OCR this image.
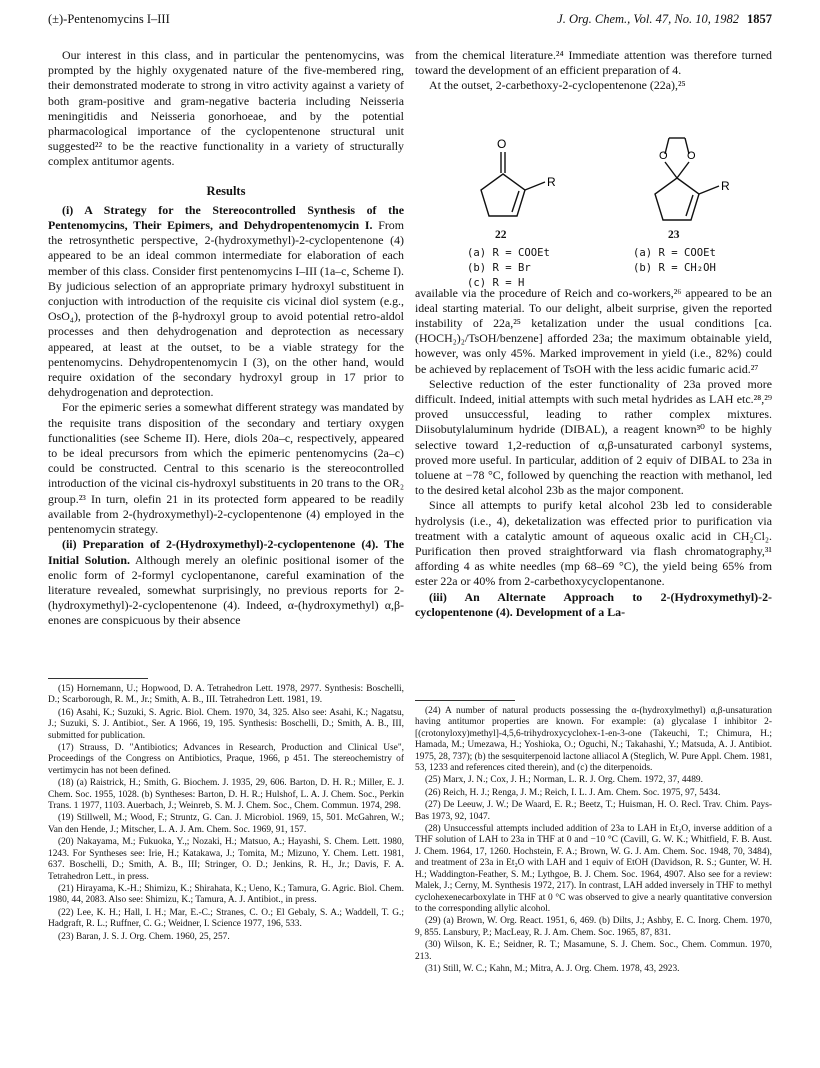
(±)-Pentenomycins I–III	J. Org. Chem., Vol. 47, No. 10, 1982 1857

Our interest in this class, and in particular the pentenomycins, was prompted by the highly oxygenated nature of the five-membered ring, their demonstrated moderate to strong in vitro activity against a variety of both gram-positive and gram-negative bacteria including Neisseria meningitidis and Neisseria gonorhoeae, and by the potential pharmacological importance of the cyclopentenone structural unit suggested²² to be the reactive functionality in a variety of structurally complex antitumor agents.

Results

(i) A Strategy for the Stereocontrolled Synthesis of the Pentenomycins, Their Epimers, and Dehydropentenomycin I. From the retrosynthetic perspective, 2-(hydroxymethyl)-2-cyclopentenone (4) appeared to be an ideal common intermediate for elaboration of each member of this class. Consider first pentenomycins I–III (1a–c, Scheme I). By judicious selection of an appropriate primary hydroxyl substituent in conjuction with introduction of the requisite cis vicinal diol system (e.g., OsO₄), protection of the β-hydroxyl group to avoid potential retro-aldol processes and then dehydrogenation and deprotection as necessary appeared, at least at the outset, to be a viable strategy for the pentenomycins. Dehydropentenomycin I (3), on the other hand, would require oxidation of the secondary hydroxyl group in 17 prior to dehydrogenation and deprotection.

For the epimeric series a somewhat different strategy was mandated by the requisite trans disposition of the secondary and tertiary oxygen functionalities (see Scheme II). Here, diols 20a–c, respectively, appeared to be ideal precursors from which the epimeric pentenomycins (2a–c) could be constructed. Central to this scenario is the stereocontrolled introduction of the vicinal cis-hydroxyl substituents in 20 trans to the OR₂ group.²³ In turn, olefin 21 in its protected form appeared to be readily available from 2-(hydroxymethyl)-2-cyclopentenone (4) employed in the pentenomycin strategy.

(ii) Preparation of 2-(Hydroxymethyl)-2-cyclopentenone (4). The Initial Solution. Although merely an olefinic positional isomer of the enolic form of 2-formyl cyclopentanone, careful examination of the literature revealed, somewhat surprisingly, no previous reports for 2-(hydroxymethyl)-2-cyclopentenone (4). Indeed, α-(hydroxymethyl) α,β-enones are conspicuous by their absence

(15) Hornemann, U.; Hopwood, D. A. Tetrahedron Lett. 1978, 2977. Synthesis: Boschelli, D.; Scarborough, R. M., Jr.; Smith, A. B., III. Tetrahedron Lett. 1981, 19.
(16) Asahi, K.; Suzuki, S. Agric. Biol. Chem. 1970, 34, 325. Also see: Asahi, K.; Nagatsu, J.; Suzuki, S. J. Antibiot., Ser. A 1966, 19, 195. Synthesis: Boschelli, D.; Smith, A. B., III, submitted for publication.
(17) Strauss, D. "Antibiotics; Advances in Research, Production and Clinical Use", Proceedings of the Congress on Antibiotics, Praque, 1966, p 451. The stereochemistry of vertimycin has not been defined.
(18) (a) Raistrick, H.; Smith, G. Biochem. J. 1935, 29, 606. Barton, D. H. R.; Miller, E. J. Chem. Soc. 1955, 1028. (b) Syntheses: Barton, D. H. R.; Hulshof, L. A. J. Chem. Soc., Perkin Trans. 1 1977, 1103. Auerbach, J.; Weinreb, S. M. J. Chem. Soc., Chem. Commun. 1974, 298.
(19) Stillwell, M.; Wood, F.; Struntz, G. Can. J. Microbiol. 1969, 15, 501. McGahren, W.; Van den Hende, J.; Mitscher, L. A. J. Am. Chem. Soc. 1969, 91, 157.
(20) Nakayama, M.; Fukuoka, Y.,; Nozaki, H.; Matsuo, A.; Hayashi, S. Chem. Lett. 1980, 1243. For Syntheses see: Irie, H.; Katakawa, J.; Tomita, M.; Mizuno, Y. Chem. Lett. 1981, 637. Boschelli, D.; Smith, A. B., III; Stringer, O. D.; Jenkins, R. H., Jr.; Davis, F. A. Tetrahedron Lett., in press.
(21) Hirayama, K.-H.; Shimizu, K.; Shirahata, K.; Ueno, K.; Tamura, G. Agric. Biol. Chem. 1980, 44, 2083. Also see: Shimizu, K.; Tamura, A. J. Antibiot., in press.
(22) Lee, K. H.; Hall, I. H.; Mar, E.-C.; Stranes, C. O.; El Gebaly, S. A.; Waddell, T. G.; Hadgraft, R. L.; Ruffner, C. G.; Weidner, I. Science 1977, 196, 533.
(23) Baran, J. S. J. Org. Chem. 1960, 25, 257.

from the chemical literature.²⁴ Immediate attention was therefore turned toward the development of an efficient preparation of 4.

At the outset, 2-carbethoxy-2-cyclopentenone (22a),²⁵

O
R
O O
R
22	23
(a) R = COOEt
(b) R = Br
(c) R = H
(a) R = COOEt
(b) R = CH₂OH

available via the procedure of Reich and co-workers,²⁶ appeared to be an ideal starting material. To our delight, albeit surprise, given the reported instability of 22a,²⁵ ketalization under the usual conditions [ca. (HOCH₂)₂/TsOH/benzene] afforded 23a; the maximum obtainable yield, however, was only 45%. Marked improvement in yield (i.e., 82%) could be achieved by replacement of TsOH with the less acidic fumaric acid.²⁷

Selective reduction of the ester functionality of 23a proved more difficult. Indeed, initial attempts with such metal hydrides as LAH etc.²⁸,²⁹ proved unsuccessful, leading to rather complex mixtures. Diisobutylaluminum hydride (DIBAL), a reagent known³⁰ to be highly selective toward 1,2-reduction of α,β-unsaturated carbonyl systems, proved more useful. In particular, addition of 2 equiv of DIBAL to 23a in toluene at −78 °C, followed by quenching the reaction with methanol, led to the desired ketal alcohol 23b as the major component.

Since all attempts to purify ketal alcohol 23b led to considerable hydrolysis (i.e., 4), deketalization was effected prior to purification via treatment with a catalytic amount of aqueous oxalic acid in CH₂Cl₂. Purification then proved straightforward via flash chromatography,³¹ affording 4 as white needles (mp 68–69 °C), the yield being 65% from ester 22a or 40% from 2-carbethoxycyclopentanone.

(iii) An Alternate Approach to 2-(Hydroxymethyl)-2-cyclopentenone (4). Development of a La-

(24) A number of natural products possessing the α-(hydroxylmethyl) α,β-unsaturation having antitumor properties are known. For example: (a) glycalase I inhibitor 2-[(crotonyloxy)methyl]-4,5,6-trihydroxycyclohex-1-en-3-one (Takeuchi, T.; Chimura, H.; Hamada, M.; Umezawa, H.; Yoshioka, O.; Oguchi, N.; Takahashi, Y.; Matsuda, A. J. Antibiot. 1975, 28, 737); (b) the sesquiterpenoid lactone alliacol A (Steglich, W. Pure Appl. Chem. 1981, 53, 1233 and references cited therein), and (c) the diterpenoids.
(25) Marx, J. N.; Cox, J. H.; Norman, L. R. J. Org. Chem. 1972, 37, 4489.
(26) Reich, H. J.; Renga, J. M.; Reich, I. L. J. Am. Chem. Soc. 1975, 97, 5434.
(27) De Leeuw, J. W.; De Waard, E. R.; Beetz, T.; Huisman, H. O. Recl. Trav. Chim. Pays-Bas 1973, 92, 1047.
(28) Unsuccessful attempts included addition of 23a to LAH in Et₂O, inverse addition of a THF solution of LAH to 23a in THF at 0 and −10 °C (Cavill, G. W. K.; Whitfield, F. B. Aust. J. Chem. 1964, 17, 1260. Hochstein, F. A.; Brown, W. G. J. Am. Chem. Soc. 1948, 70, 3484), and treatment of 23a in Et₂O with LAH and 1 equiv of EtOH (Davidson, R. S.; Gunter, W. H. H.; Waddington-Feather, S. M.; Lythgoe, B. J. Chem. Soc. 1964, 4907. Also see for a review: Malek, J.; Cerny, M. Synthesis 1972, 217). In contrast, LAH added inversely in THF to methyl cyclohexenecarboxylate in THF at 0 °C was observed to give a nearly quantitative conversion to the corresponding allylic alcohol.
(29) (a) Brown, W. Org. React. 1951, 6, 469. (b) Dilts, J.; Ashby, E. C. Inorg. Chem. 1970, 9, 855. Lansbury, P.; MacLeay, R. J. Am. Chem. Soc. 1965, 87, 831.
(30) Wilson, K. E.; Seidner, R. T.; Masamune, S. J. Chem. Soc., Chem. Commun. 1970, 213.
(31) Still, W. C.; Kahn, M.; Mitra, A. J. Org. Chem. 1978, 43, 2923.
